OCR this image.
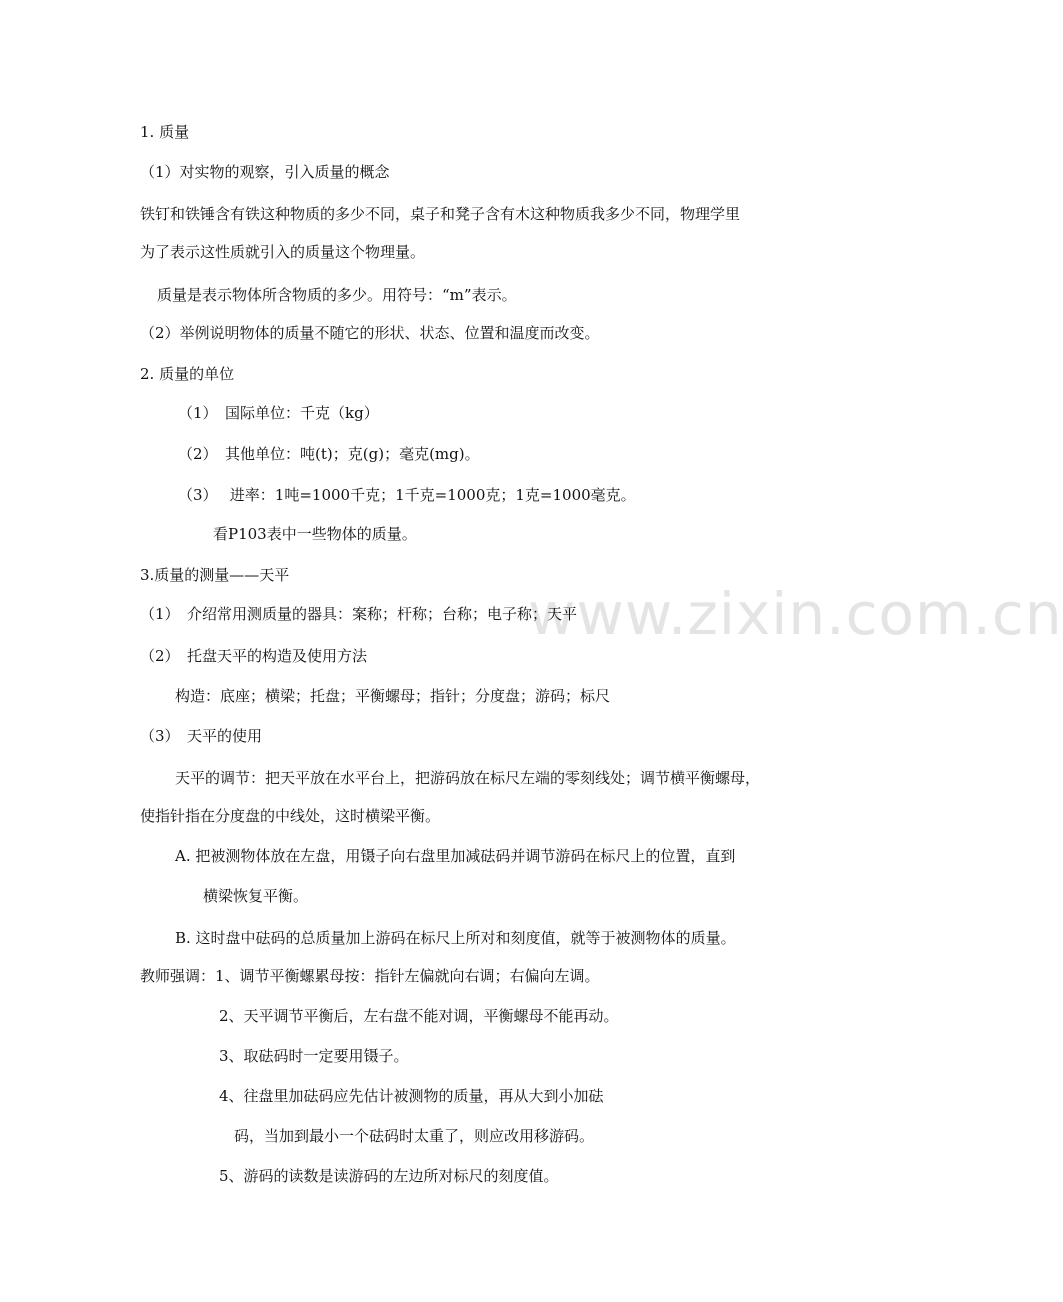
www.zixin.com.cn

1. 质量

（1）对实物的观察，引入质量的概念

铁钉和铁锤含有铁这种物质的多少不同，桌子和凳子含有木这种物质我多少不同，物理学里

为了表示这性质就引入的质量这个物理量。

质量是表示物体所含物质的多少。用符号：“m”表示。

（2）举例说明物体的质量不随它的形状、状态、位置和温度而改变。

2. 质量的单位

（1）　国际单位：千克（kg）

（2）　其他单位：吨(t)；克(g)；毫克(mg)。

（3）　 进率：1吨=1000千克；1千克=1000克；1克=1000毫克。

看P103表中一些物体的质量。

3.质量的测量——天平

（1）　介绍常用测质量的器具：案称；杆称；台称；电子称；天平

（2）　托盘天平的构造及使用方法

构造：底座；横梁；托盘；平衡螺母；指针；分度盘；游码；标尺

（3）　天平的使用

天平的调节：把天平放在水平台上，把游码放在标尺左端的零刻线处；调节横平衡螺母，

使指针指在分度盘的中线处，这时横梁平衡。

A. 把被测物体放在左盘，用镊子向右盘里加减砝码并调节游码在标尺上的位置，直到

横梁恢复平衡。

B. 这时盘中砝码的总质量加上游码在标尺上所对和刻度值，就等于被测物体的质量。

教师强调：1、调节平衡螺累母按：指针左偏就向右调；右偏向左调。

2、天平调节平衡后，左右盘不能对调，平衡螺母不能再动。

3、取砝码时一定要用镊子。

4、往盘里加砝码应先估计被测物的质量，再从大到小加砝

码，当加到最小一个砝码时太重了，则应改用移游码。

5、游码的读数是读游码的左边所对标尺的刻度值。
